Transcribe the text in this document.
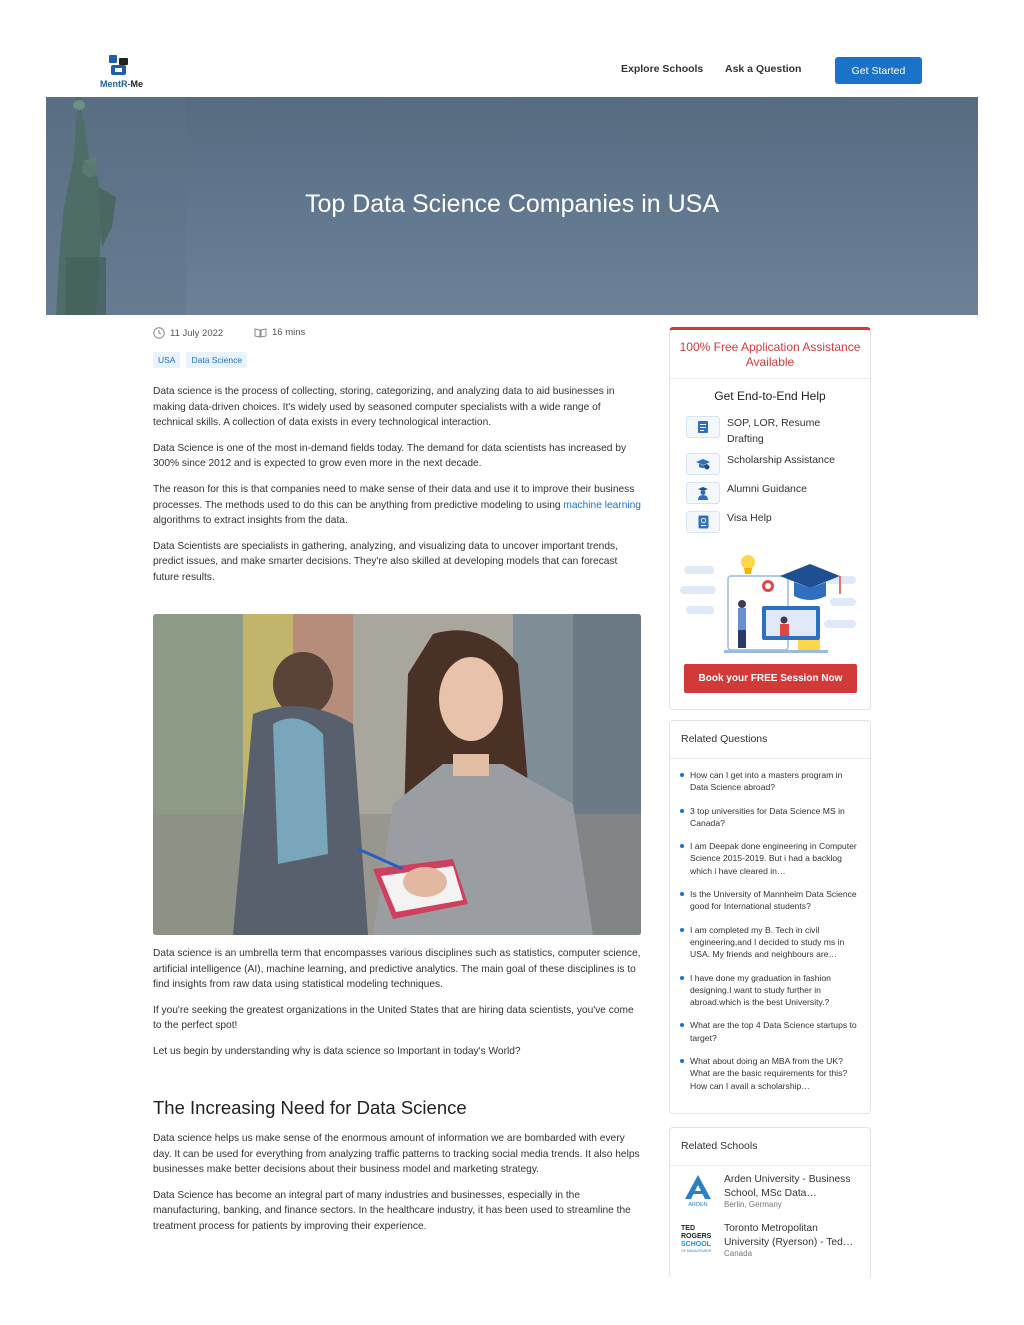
MentR-Me
Explore Schools Ask a Question	Get Started
Top Data Science Companies in USA
11 July 2022	16 mins
USA	Data Science

Data science is the process of collecting, storing, categorizing, and analyzing data to aid businesses in making data-driven choices. It's widely used by seasoned computer specialists with a wide range of technical skills. A collection of data exists in every technological interaction.

Data Science is one of the most in-demand fields today. The demand for data scientists has increased by 300% since 2012 and is expected to grow even more in the next decade.

The reason for this is that companies need to make sense of their data and use it to improve their business processes. The methods used to do this can be anything from predictive modeling to using machine learning algorithms to extract insights from the data.

Data Scientists are specialists in gathering, analyzing, and visualizing data to uncover important trends, predict issues, and make smarter decisions. They're also skilled at developing models that can forecast future results.

Data science is an umbrella term that encompasses various disciplines such as statistics, computer science, artificial intelligence (AI), machine learning, and predictive analytics. The main goal of these disciplines is to find insights from raw data using statistical modeling techniques.

If you're seeking the greatest organizations in the United States that are hiring data scientists, you've come to the perfect spot!

Let us begin by understanding why is data science so Important in today's World?

The Increasing Need for Data Science

Data science helps us make sense of the enormous amount of information we are bombarded with every day. It can be used for everything from analyzing traffic patterns to tracking social media trends. It also helps businesses make better decisions about their business model and marketing strategy.

Data Science has become an integral part of many industries and businesses, especially in the manufacturing, banking, and finance sectors. In the healthcare industry, it has been used to streamline the treatment process for patients by improving their experience.

100% Free Application Assistance Available
Get End-to-End Help
SOP, LOR, Resume Drafting
Scholarship Assistance
Alumni Guidance
Visa Help
Book your FREE Session Now
Related Questions
How can I get into a masters program in Data Science abroad?
3 top universities for Data Science MS in Canada?
I am Deepak done engineering in Computer Science 2015-2019. But i had a backlog which i have cleared in…
Is the University of Mannheim Data Science good for International students?
I am completed my B. Tech in civil engineering,and I decided to study ms in USA. My friends and neighbours are…
I have done my graduation in fashion designing.I want to study further in abroad.which is the best University.?
What are the top 4 Data Science startups to target?
What about doing an MBA from the UK?What are the basic requirements for this?How can I avail a scholarship…
Related Schools
ARDEN
Arden University - Business School, MSc Data…
Berlin, Germany
TED
ROGERS
SCHOOL
OF MANAGEMENT
Toronto Metropolitan University (Ryerson) - Ted…
Canada
